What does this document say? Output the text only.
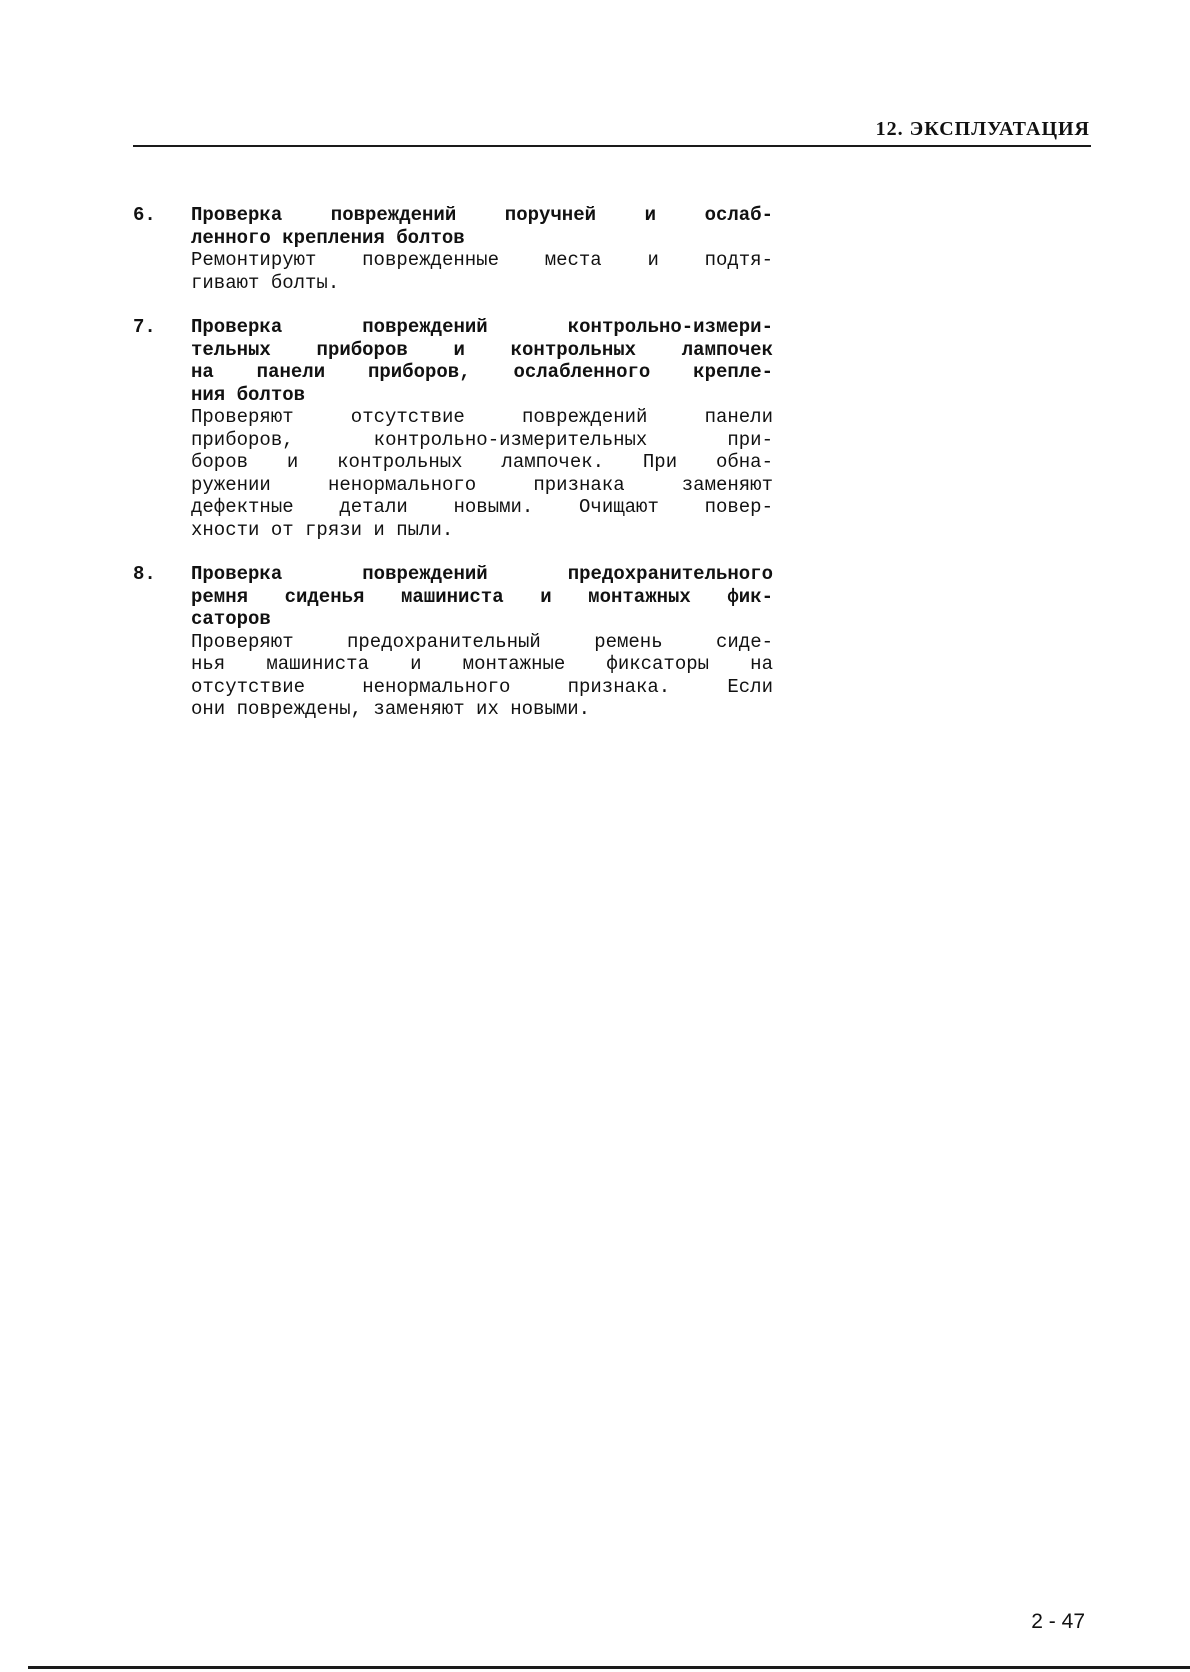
12. ЭКСПЛУАТАЦИЯ
6. Проверка повреждений поручней и ослаб-
ленного крепления болтов
Ремонтируют поврежденные места и подтя-
гивают болты.
7. Проверка повреждений контрольно-измери-
тельных приборов и контрольных лампочек
на панели приборов, ослабленного крепле-
ния болтов
Проверяют отсутствие повреждений панели
приборов, контрольно-измерительных при-
боров и контрольных лампочек. При обна-
ружении ненормального признака заменяют
дефектные детали новыми. Очищают повер-
хности от грязи и пыли.
8. Проверка повреждений предохранительного
ремня сиденья машиниста и монтажных фик-
саторов
Проверяют предохранительный ремень сиде-
нья машиниста и монтажные фиксаторы на
отсутствие ненормального признака. Если
они повреждены, заменяют их новыми.
2 - 47
